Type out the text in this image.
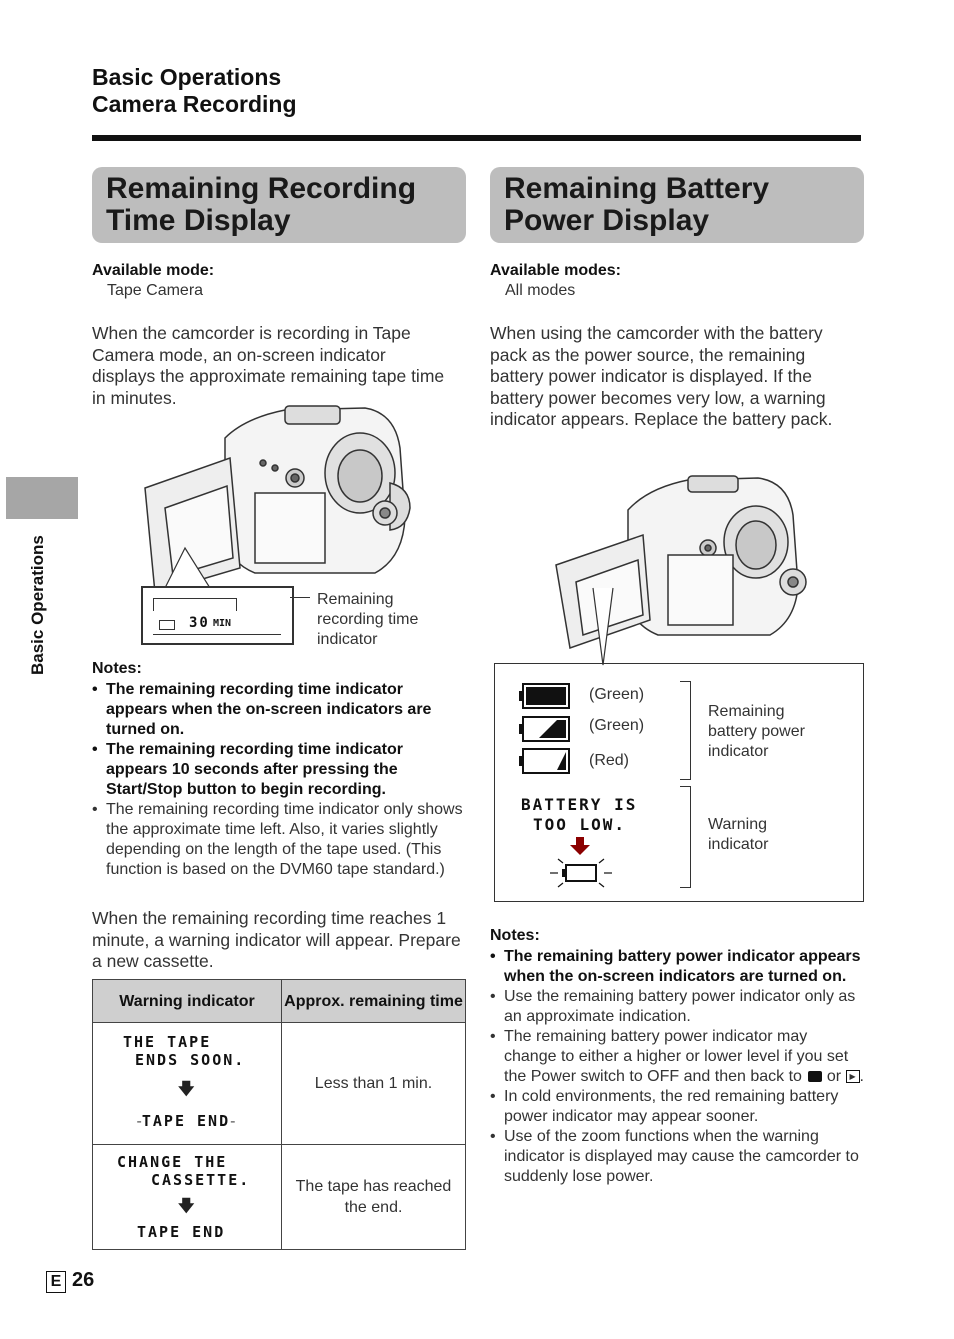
Basic Operations
Camera Recording
Basic Operations
Remaining Recording
Time Display
Available mode:
Tape Camera
When the camcorder is recording in Tape Camera mode, an on-screen indicator displays the approximate remaining tape time in minutes.
30 MIN
Remaining recording time indicator
Notes:
• The remaining recording time indicator appears when the on-screen indicators are turned on.
• The remaining recording time indicator appears 10 seconds after pressing the Start/Stop button to begin recording.
• The remaining recording time indicator only shows the approximate time left. Also, it varies slightly depending on the length of the tape used. (This function is based on the DVM60 tape standard.)
When the remaining recording time reaches 1 minute, a warning indicator will appear. Prepare a new cassette.
Warning indicator	Approx. remaining time

THE TAPE
ENDS SOON.
🡇
-TAPE END-	Less than 1 min.

CHANGE THE
CASSETTE.
🡇
TAPE END	The tape has reached the end.
Remaining Battery
Power Display
Available modes:
All modes
When using the camcorder with the battery pack as the power source, the remaining battery power indicator is displayed. If the battery power becomes very low, a warning indicator appears. Replace the battery pack.
(Green)
(Green)
(Red)
Remaining battery power indicator
BATTERY IS
TOO LOW.	Warning indicator
Notes:
• The remaining battery power indicator appears when the on-screen indicators are turned on.
• Use the remaining battery power indicator only as an approximate indication.
• The remaining battery power indicator may change to either a higher or lower level if you set the Power switch to OFF and then back to or ▶ .
• In cold environments, the red remaining battery power indicator may appear sooner.
• Use of the zoom functions when the warning indicator is displayed may cause the camcorder to suddenly lose power.
E 26
